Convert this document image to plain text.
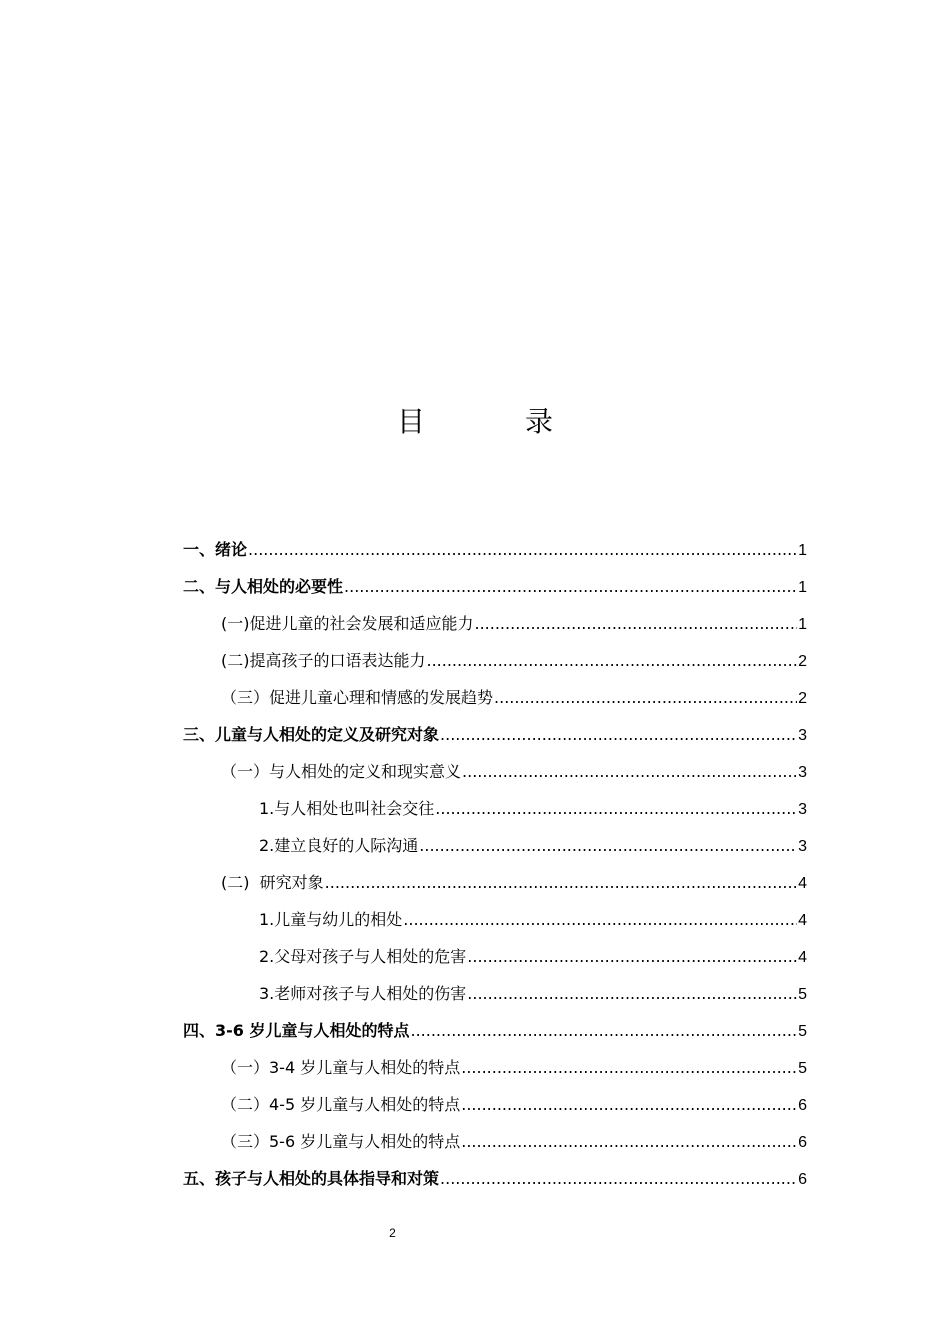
目　录
一、 绪论 .....	1
二、 与人相处的必要性 .....	1
(一)促进儿童的社会发展和适应能力 .....	1
(二)提高孩子的口语表达能力 .....	2
（三）促进儿童心理和情感的发展趋势 .....	2
三、 儿童与人相处的定义及研究对象 .....	3
（一）与人相处的定义和现实意义 .....	3
1.与人相处也叫社会交往 .....	3
2.建立良好的人际沟通 .....	3
(二)  研究对象 .....	4
1.儿童与幼儿的相处 .....	4
2.父母对孩子与人相处的危害 .....	4
3.老师对孩子与人相处的伤害 .....	5
四、 3-6 岁儿童与人相处的特点 .....	5
（一）3-4 岁儿童与人相处的特点 .....	5
（二）4-5 岁儿童与人相处的特点 .....	6
（三）5-6 岁儿童与人相处的特点 .....	6
五、 孩子与人相处的具体指导和对策 .....	6
2
